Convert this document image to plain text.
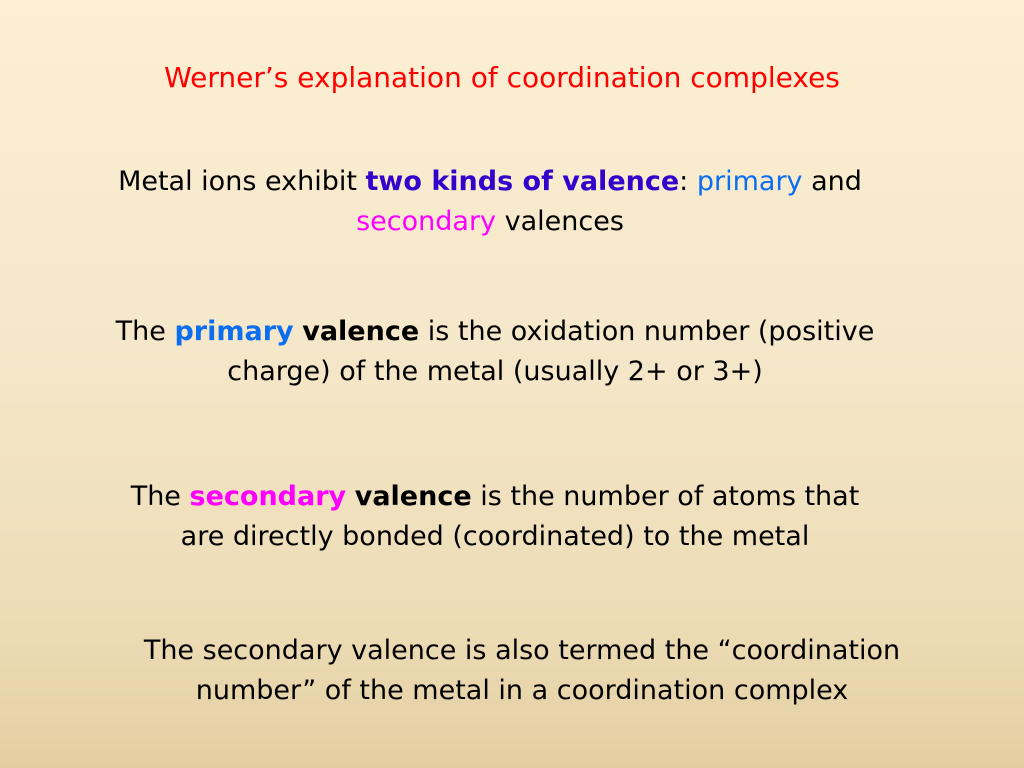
Werner’s explanation of coordination complexes
Metal ions exhibit two kinds of valence: primary and
secondary valences
The primary valence is the oxidation number (positive
charge) of the metal (usually 2+ or 3+)
The secondary valence is the number of atoms that
are directly bonded (coordinated) to the metal
The secondary valence is also termed the “coordination
number” of the metal in a coordination complex
